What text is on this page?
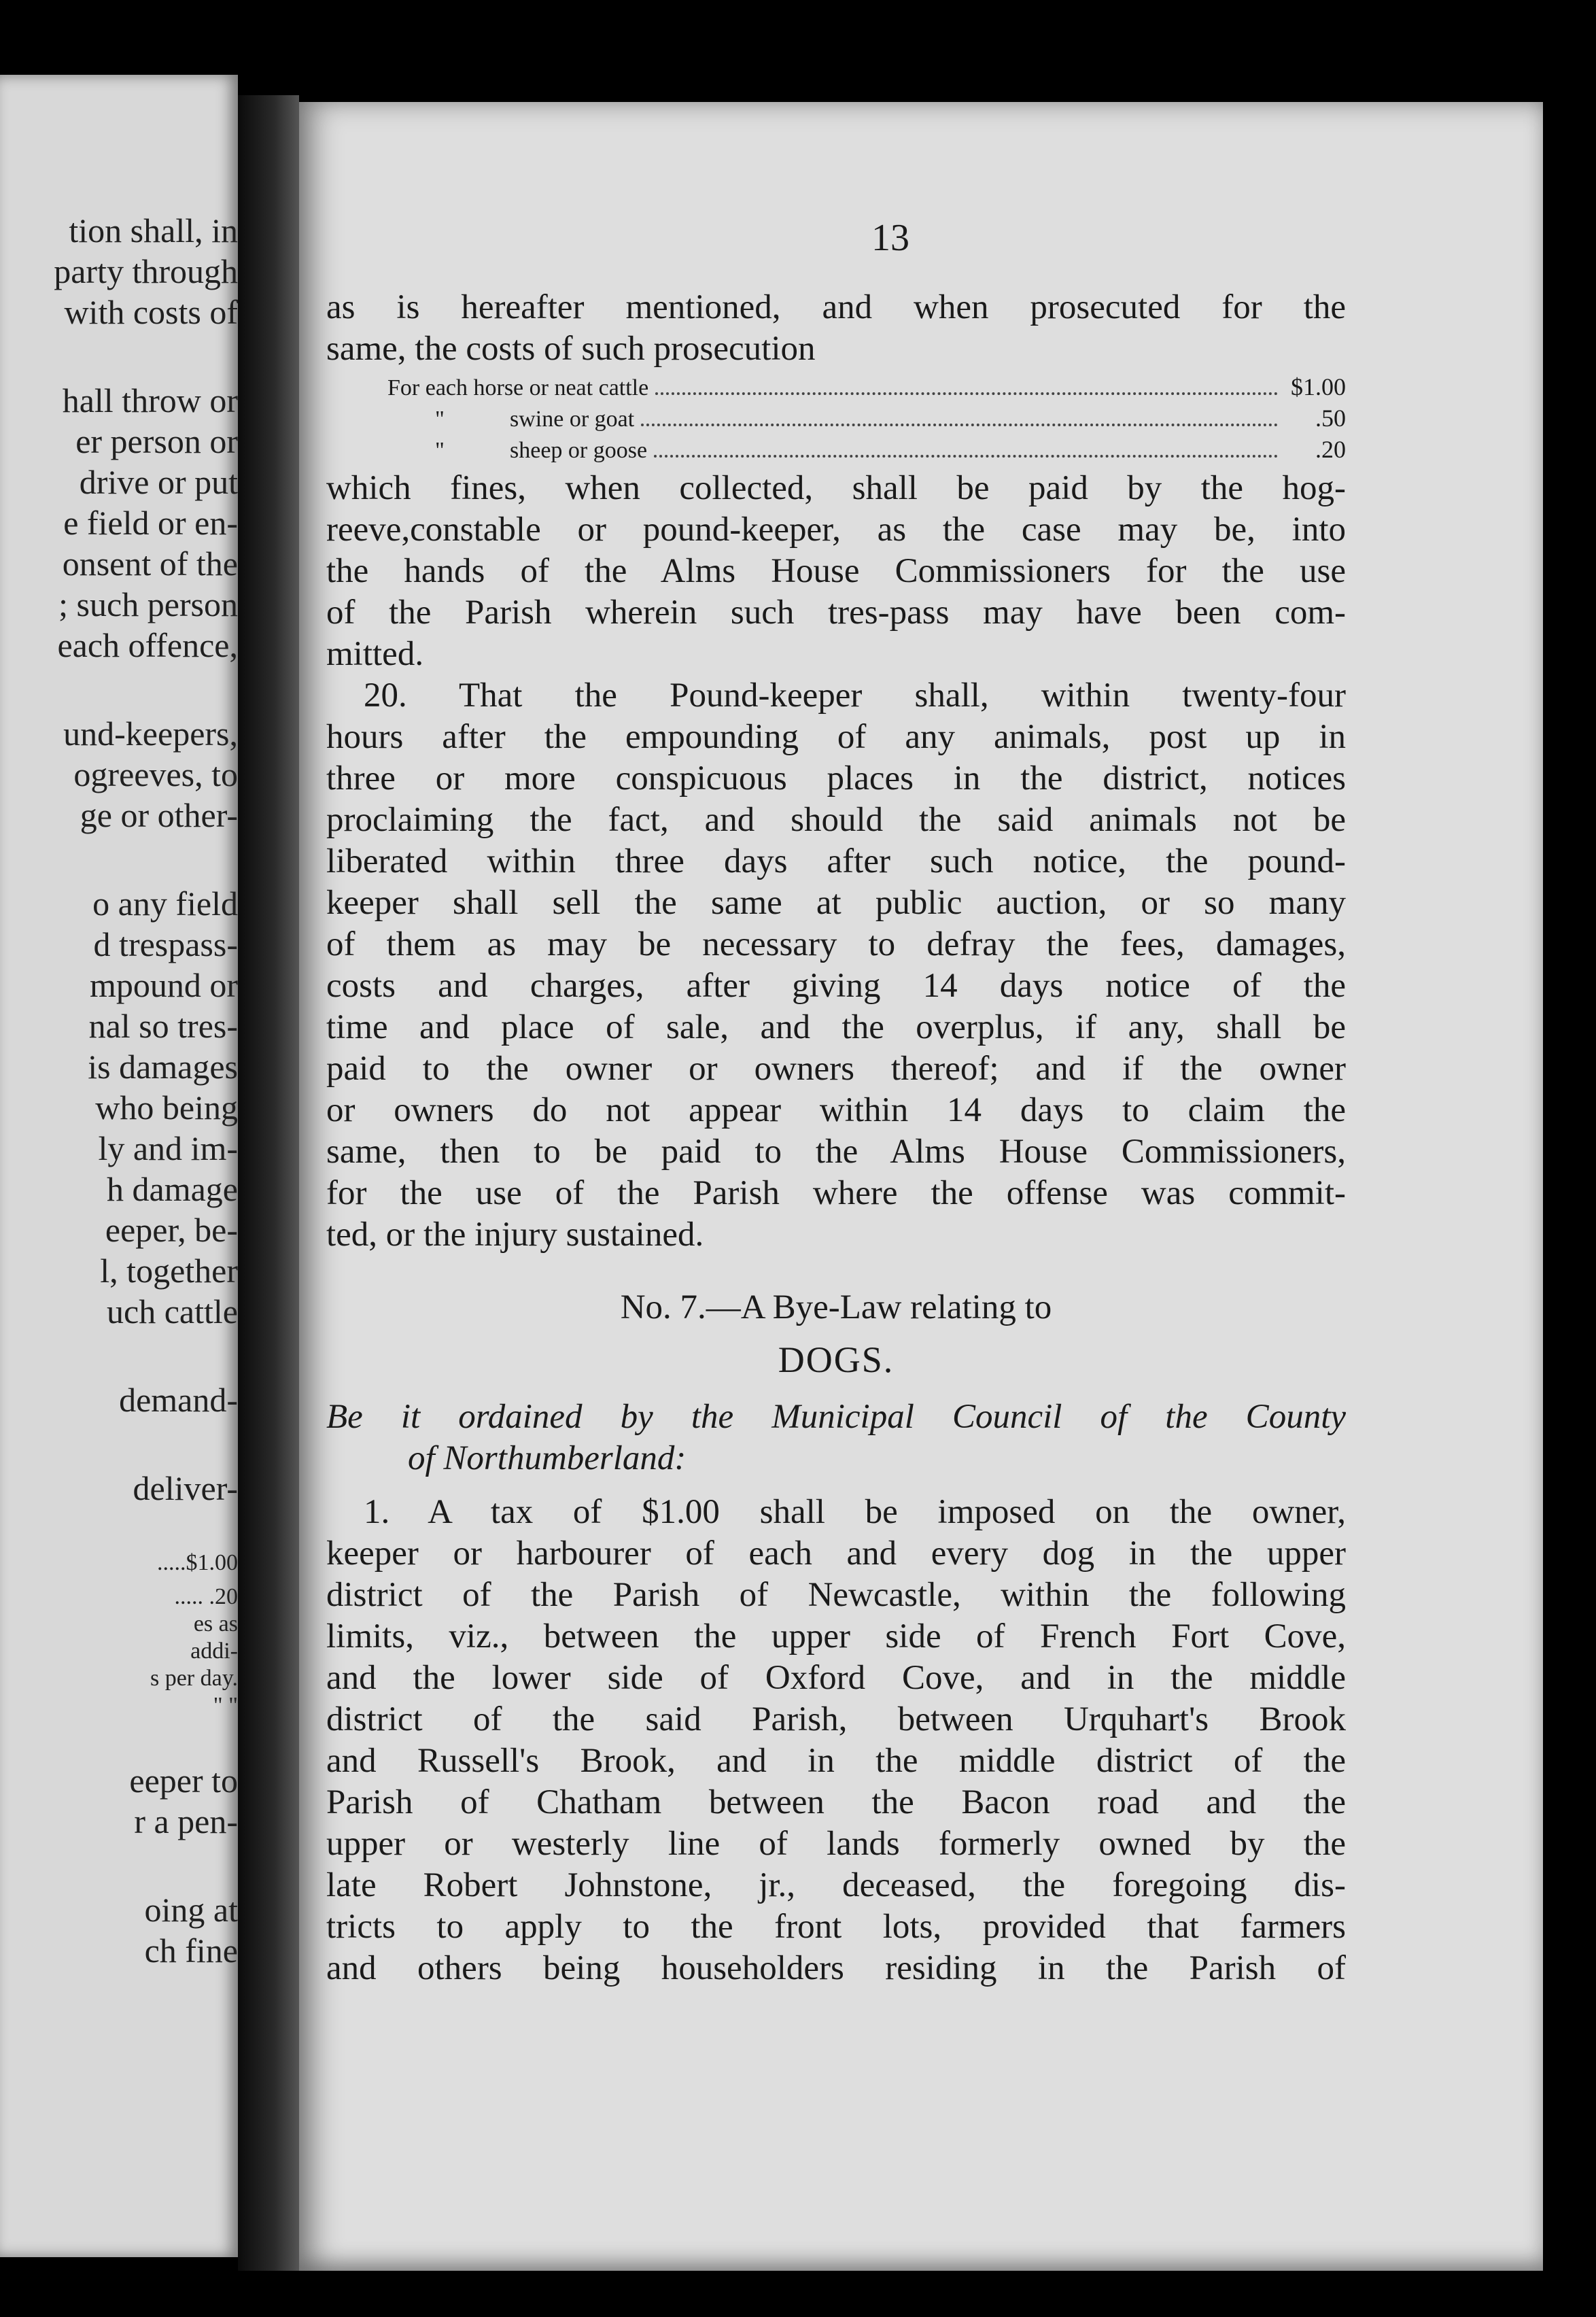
tion shall, in

party through

with costs of

hall throw or

er person or

drive or put

e field or en-

onsent of the

; such person

each offence,

und-keepers,

ogreeves, to

ge or other-

o any field

d trespass-

mpound or

nal so tres-

is damages

who being

ly and im-

h damage

eeper, be-

l, together

uch cattle

demand-

deliver-

.....$1.00

..... .20

es as

addi-

s per day.

" "

eeper to

r a pen-

oing at

ch fine

13

as is hereafter mentioned, and when prosecuted for the

same, the costs of such prosecution

For each horse or neat cattle	$1.00
"	swine or goat	.50
"	sheep or goose	.20

which fines, when collected, shall be paid by the hog-

reeve,constable or pound-keeper, as the case may be, into

the hands of the Alms House Commissioners for the use

of the Parish wherein such tres-pass may have been com-

mitted.

20. That the Pound-keeper shall, within twenty-four

hours after the empounding of any animals, post up in

three or more conspicuous places in the district, notices

proclaiming the fact, and should the said animals not be

liberated within three days after such notice, the pound-

keeper shall sell the same at public auction, or so many

of them as may be necessary to defray the fees, damages,

costs and charges, after giving 14 days notice of the

time and place of sale, and the overplus, if any, shall be

paid to the owner or owners thereof; and if the owner

or owners do not appear within 14 days to claim the

same, then to be paid to the Alms House Commissioners,

for the use of the Parish where the offense was commit-

ted, or the injury sustained.

No. 7.—A Bye-Law relating to

DOGS.

Be it ordained by the Municipal Council of the County

of Northumberland:

1. A tax of $1.00 shall be imposed on the owner,

keeper or harbourer of each and every dog in the upper

district of the Parish of Newcastle, within the following

limits, viz., between the upper side of French Fort Cove,

and the lower side of Oxford Cove, and in the middle

district of the said Parish, between Urquhart's Brook

and Russell's Brook, and in the middle district of the

Parish of Chatham between the Bacon road and the

upper or westerly line of lands formerly owned by the

late Robert Johnstone, jr., deceased, the foregoing dis-

tricts to apply to the front lots, provided that farmers

and others being householders residing in the Parish of
